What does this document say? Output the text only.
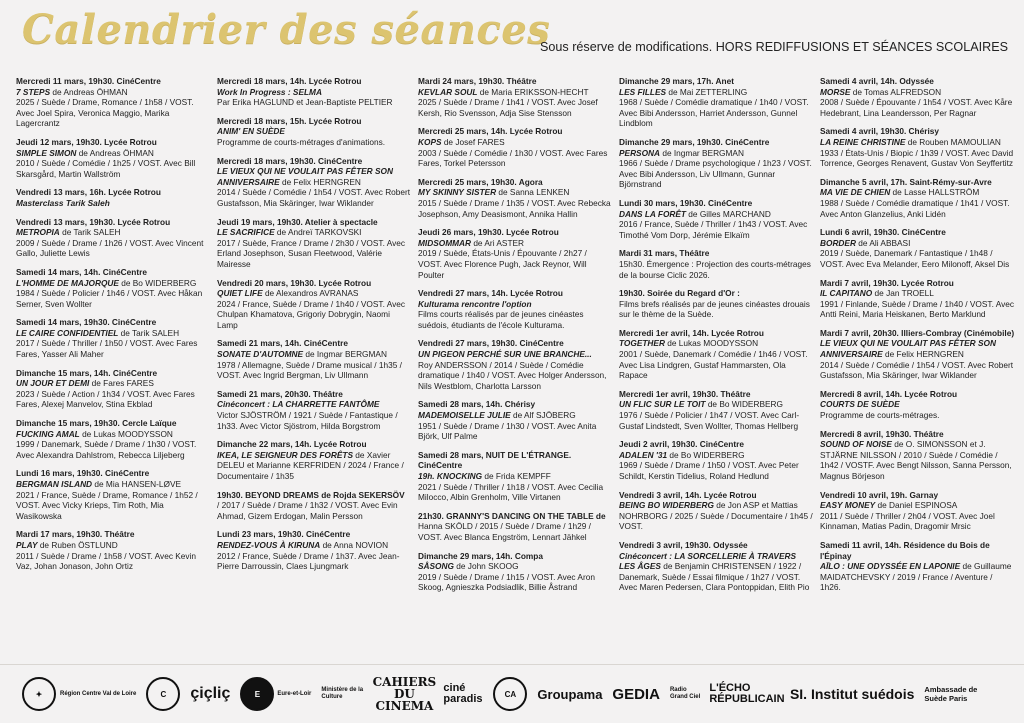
Calendrier des séances
Sous réserve de modifications. HORS REDIFFUSIONS ET SÉANCES SCOLAIRES
Mercredi 11 mars, 19h30. CinéCentre
7 STEPS de Andreas ÖHMAN
2025 / Suède / Drame, Romance / 1h58 / VOST. Avec Joel Spira, Veronica Maggio, Marika Lagercrantz
Jeudi 12 mars, 19h30. Lycée Rotrou
SIMPLE SIMON de Andreas ÖHMAN
2010 / Suède / Comédie / 1h25 / VOST. Avec Bill Skarsgård, Martin Wallström
Vendredi 13 mars, 16h. Lycée Rotrou
Masterclass Tarik Saleh
Vendredi 13 mars, 19h30. Lycée Rotrou
METROPIA de Tarik SALEH
2009 / Suède / Drame / 1h26 / VOST. Avec Vincent Gallo, Juliette Lewis
Samedi 14 mars, 14h. CinéCentre
L'HOMME DE MAJORQUE de Bo WIDERBERG
1984 / Suède / Policier / 1h46 / VOST. Avec Håkan Serner, Sven Wollter
Samedi 14 mars, 19h30. CinéCentre
LE CAIRE CONFIDENTIEL de Tarik SALEH
2017 / Suède / Thriller / 1h50 / VOST. Avec Fares Fares, Yasser Ali Maher
Dimanche 15 mars, 14h. CinéCentre
UN JOUR ET DEMI de Fares FARES
2023 / Suède / Action / 1h34 / VOST. Avec Fares Fares, Alexej Manvelov, Stina Ekblad
Dimanche 15 mars, 19h30. Cercle Laïque
FUCKING AMAL de Lukas MOODYSSON
1999 / Danemark, Suède / Drame / 1h30 / VOST. Avec Alexandra Dahlstrom, Rebecca Liljeberg
Lundi 16 mars, 19h30. CinéCentre
BERGMAN ISLAND de Mia HANSEN-LØVE
2021 / France, Suède / Drame, Romance / 1h52 / VOST. Avec Vicky Krieps, Tim Roth, Mia Wasikowska
Mardi 17 mars, 19h30. Théâtre
PLAY de Ruben ÖSTLUND
2011 / Suède / Drame / 1h58 / VOST. Avec Kevin Vaz, Johan Jonason, John Ortiz
Mercredi 18 mars, 14h. Lycée Rotrou
Work In Progress : SELMA
Par Erika HAGLUND et Jean-Baptiste PELTIER
Mercredi 18 mars, 15h. Lycée Rotrou
ANIM' EN SUÈDE
Programme de courts-métrages d'animations.
Mercredi 18 mars, 19h30. CinéCentre
LE VIEUX QUI NE VOULAIT PAS FÊTER SON ANNIVERSAIRE de Felix HERNGREN
2014 / Suède / Comédie / 1h54 / VOST. Avec Robert Gustafsson, Mia Skäringer, Iwar Wiklander
Jeudi 19 mars, 19h30. Atelier à spectacle
LE SACRIFICE de Andreï TARKOVSKI
2017 / Suède, France / Drame / 2h30 / VOST. Avec Erland Josephson, Susan Fleetwood, Valérie Mairesse
Vendredi 20 mars, 19h30. Lycée Rotrou
QUIET LIFE de Alexandros AVRANAS
2024 / France, Suède / Drame / 1h40 / VOST. Avec Chulpan Khamatova, Grigoriy Dobrygin, Naomi Lamp
Samedi 21 mars, 14h. CinéCentre
SONATE D'AUTOMNE de Ingmar BERGMAN
1978 / Allemagne, Suède / Drame musical / 1h35 / VOST. Avec Ingrid Bergman, Liv Ullmann
Samedi 21 mars, 20h30. Théâtre
Cinéconcert : LA CHARRETTE FANTÔME
Victor SJÖSTRÖM / 1921 / Suède / Fantastique / 1h33. Avec Victor Sjöstrom, Hilda Borgstrom
Dimanche 22 mars, 14h. Lycée Rotrou
IKEA, LE SEIGNEUR DES FORÊTS de Xavier DELEU et Marianne KERFRIDEN / 2024 / France / Documentaire / 1h35
19h30. BEYOND DREAMS de Rojda SEKERSÖV
/ 2017 / Suède / Drame / 1h32 / VOST. Avec Evin Ahmad, Gizem Erdogan, Malin Persson
Lundi 23 mars, 19h30. CinéCentre
RENDEZ-VOUS À KIRUNA de Anna NOVION
2012 / France, Suède / Drame / 1h37. Avec Jean-Pierre Darroussin, Claes Ljungmark
Mardi 24 mars, 19h30. Théâtre
KEVLAR SOUL de Maria ERIKSSON-HECHT
2025 / Suède / Drame / 1h41 / VOST. Avec Josef Kersh, Rio Svensson, Adja Sise Stensson
Mercredi 25 mars, 14h. Lycée Rotrou
KOPS de Josef FARES
2003 / Suède / Comédie / 1h30 / VOST. Avec Fares Fares, Torkel Petersson
Mercredi 25 mars, 19h30. Agora
MY SKINNY SISTER de Sanna LENKEN
2015 / Suède / Drame / 1h35 / VOST. Avec Rebecka Josephson, Amy Deasismont, Annika Hallin
Jeudi 26 mars, 19h30. Lycée Rotrou
MIDSOMMAR de Ari ASTER
2019 / Suède, États-Unis / Épouvante / 2h27 / VOST. Avec Florence Pugh, Jack Reynor, Will Poulter
Vendredi 27 mars, 14h. Lycée Rotrou
Kulturama rencontre l'option
Films courts réalisés par de jeunes cinéastes suédois, étudiants de l'école Kulturama.
Vendredi 27 mars, 19h30. CinéCentre
UN PIGEON PERCHÉ SUR UNE BRANCHE...
Roy ANDERSSON / 2014 / Suède / Comédie dramatique / 1h40 / VOST. Avec Holger Andersson, Nils Westblom, Charlotta Larsson
Samedi 28 mars, 14h. Chérisy
MADEMOISELLE JULIE de Alf SJÖBERG
1951 / Suède / Drame / 1h30 / VOST. Avec Anita Björk, Ulf Palme
Samedi 28 mars, NUIT DE L'ÉTRANGE. CinéCentre
19h. KNOCKING de Frida KEMPFF
2021 / Suède / Thriller / 1h18 / VOST. Avec Cecilia Milocco, Albin Grenholm, Ville Virtanen
21h30. GRANNY'S DANCING ON THE TABLE de
Hanna SKÖLD / 2015 / Suède / Drame / 1h29 / VOST. Avec Blanca Engström, Lennart Jähkel
Dimanche 29 mars, 14h. Compa
SÅSONG de John SKOOG
2019 / Suède / Drame / 1h15 / VOST. Avec Aron Skoog, Agnieszka Podsiadlik, Billie Åstrand
Dimanche 29 mars, 17h. Anet
LES FILLES de Mai ZETTERLING
1968 / Suède / Comédie dramatique / 1h40 / VOST. Avec Bibi Andersson, Harriet Andersson, Gunnel Lindblom
Dimanche 29 mars, 19h30. CinéCentre
PERSONA de Ingmar BERGMAN
1966 / Suède / Drame psychologique / 1h23 / VOST. Avec Bibi Andersson, Liv Ullmann, Gunnar Björnstrand
Lundi 30 mars, 19h30. CinéCentre
DANS LA FORÊT de Gilles MARCHAND
2016 / France, Suède / Thriller / 1h43 / VOST. Avec Timothé Vom Dorp, Jérémie Elkaïm
Mardi 31 mars, Théâtre
15h30. Émergence : Projection des courts-métrages de la bourse Ciclic 2026.
19h30. Soirée du Regard d'Or :
Films brefs réalisés par de jeunes cinéastes drouais sur le thème de la Suède.
Mercredi 1er avril, 14h. Lycée Rotrou
TOGETHER de Lukas MOODYSSON
2001 / Suède, Danemark / Comédie / 1h46 / VOST. Avec Lisa Lindgren, Gustaf Hammarsten, Ola Rapace
Mercredi 1er avril, 19h30. Théâtre
UN FLIC SUR LE TOIT de Bo WIDERBERG
1976 / Suède / Policier / 1h47 / VOST. Avec Carl-Gustaf Lindstedt, Sven Wollter, Thomas Hellberg
Jeudi 2 avril, 19h30. CinéCentre
ADALEN '31 de Bo WIDERBERG
1969 / Suède / Drame / 1h50 / VOST. Avec Peter Schildt, Kerstin Tidelius, Roland Hedlund
Vendredi 3 avril, 14h. Lycée Rotrou
BEING BO WIDERBERG de Jon ASP et Mattias NOHRBORG / 2025 / Suède / Documentaire / 1h45 / VOST.
Vendredi 3 avril, 19h30. Odyssée
Cinéconcert : LA SORCELLERIE À TRAVERS LES ÂGES de Benjamin CHRISTENSEN / 1922 /
Danemark, Suède / Essai filmique / 1h27 / VOST. Avec Maren Pedersen, Clara Pontoppidan, Elith Pio
Samedi 4 avril, 14h. Odyssée
MORSE de Tomas ALFREDSON
2008 / Suède / Épouvante / 1h54 / VOST. Avec Kåre Hedebrant, Lina Leandersson, Per Ragnar
Samedi 4 avril, 19h30. Chérisy
LA REINE CHRISTINE de Rouben MAMOULIAN
1933 / États-Unis / Biopic / 1h39 / VOST. Avec David Torrence, Georges Renavent, Gustav Von Seyffertitz
Dimanche 5 avril, 17h. Saint-Rémy-sur-Avre
MA VIE DE CHIEN de Lasse HALLSTRÖM
1988 / Suède / Comédie dramatique / 1h41 / VOST. Avec Anton Glanzelius, Anki Lidén
Lundi 6 avril, 19h30. CinéCentre
BORDER de Ali ABBASI
2019 / Suède, Danemark / Fantastique / 1h48 / VOST. Avec Eva Melander, Eero Milonoff, Aksel Dis
Mardi 7 avril, 19h30. Lycée Rotrou
IL CAPITANO de Jan TROELL
1991 / Finlande, Suède / Drame / 1h40 / VOST. Avec Antti Reini, Maria Heiskanen, Berto Marklund
Mardi 7 avril, 20h30. Illiers-Combray (Cinémobile)
LE VIEUX QUI NE VOULAIT PAS FÊTER SON ANNIVERSAIRE de Felix HERNGREN
2014 / Suède / Comédie / 1h54 / VOST. Avec Robert Gustafsson, Mia Skäringer, Iwar Wiklander
Mercredi 8 avril, 14h. Lycée Rotrou
COURTS DE SUÈDE
Programme de courts-métrages.
Mercredi 8 avril, 19h30. Théâtre
SOUND OF NOISE de O. SIMONSSON et J. STJÄRNE NILSSON / 2010 / Suède / Comédie / 1h42 / VOSTF. Avec Bengt Nilsson, Sanna Persson, Magnus Börjeson
Vendredi 10 avril, 19h. Garnay
EASY MONEY de Daniel ESPINOSA
2011 / Suède / Thriller / 2h04 / VOST. Avec Joel Kinnaman, Matias Padin, Dragomir Mrsic
Samedi 11 avril, 14h. Résidence du Bois de l'Épinay
AÏLO : UNE ODYSSÉE EN LAPONIE de Guillaume MAIDATCHEVSKY / 2019 / France / Aventure / 1h26.
✦	Région Centre Val de Loire	C	çiçliç	E	Eure-et-Loir
Ministère de la Culture
CAHIERS DU CINEMA
ciné paradis	CA	Groupama GEDIA Radio Grand Ciel
L'ÉCHO RÉPUBLICAIN SI. Institut suédois Ambassade de Suède Paris
